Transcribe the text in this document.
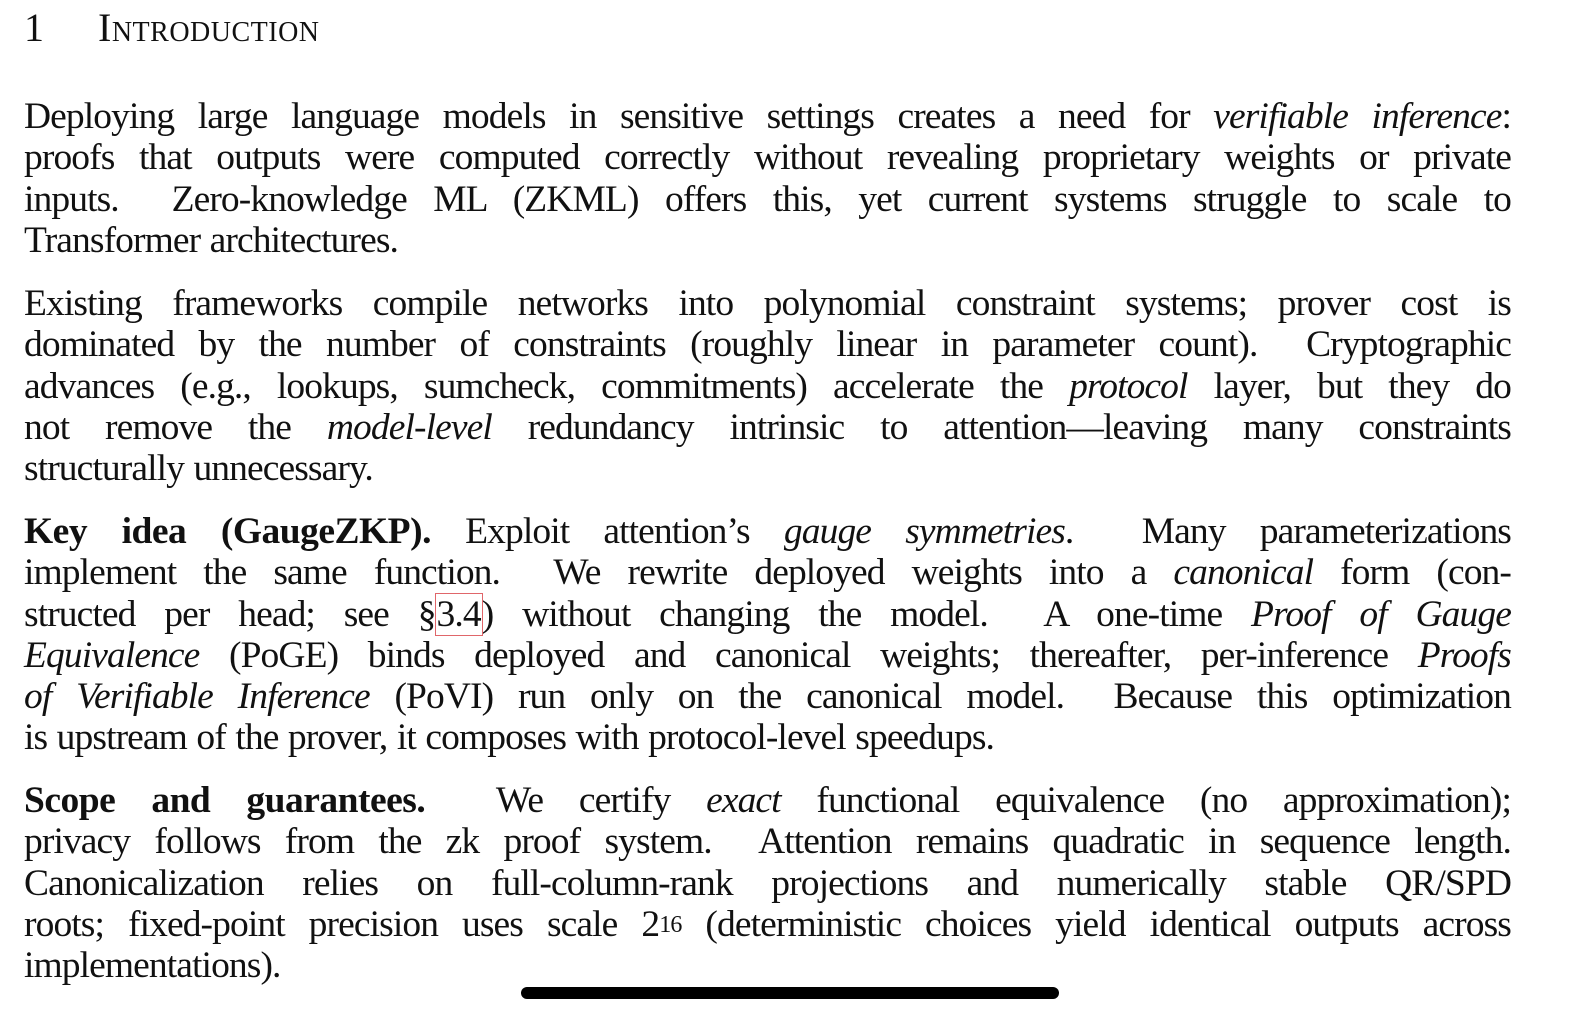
1 Introduction
Deploying large language models in sensitive settings creates a need for verifiable inference:
proofs that outputs were computed correctly without revealing proprietary weights or private
inputs.  Zero-knowledge ML (ZKML) offers this, yet current systems struggle to scale to
Transformer architectures.
Existing frameworks compile networks into polynomial constraint systems; prover cost is
dominated by the number of constraints (roughly linear in parameter count).  Cryptographic
advances (e.g., lookups, sumcheck, commitments) accelerate the protocol layer, but they do
not remove the model-level redundancy intrinsic to attention—leaving many constraints
structurally unnecessary.
Key idea (GaugeZKP). Exploit attention’s gauge symmetries.  Many parameterizations
implement the same function.  We rewrite deployed weights into a canonical form (con-
structed per head; see §3.4) without changing the model.  A one-time Proof of Gauge
Equivalence (PoGE) binds deployed and canonical weights; thereafter, per-inference Proofs
of Verifiable Inference (PoVI) run only on the canonical model.  Because this optimization
is upstream of the prover, it composes with protocol-level speedups.
Scope and guarantees.  We certify exact functional equivalence (no approximation);
privacy follows from the zk proof system.  Attention remains quadratic in sequence length.
Canonicalization relies on full-column-rank projections and numerically stable QR/SPD
roots; fixed-point precision uses scale $2^{16}$ (deterministic choices yield identical outputs across
implementations).
